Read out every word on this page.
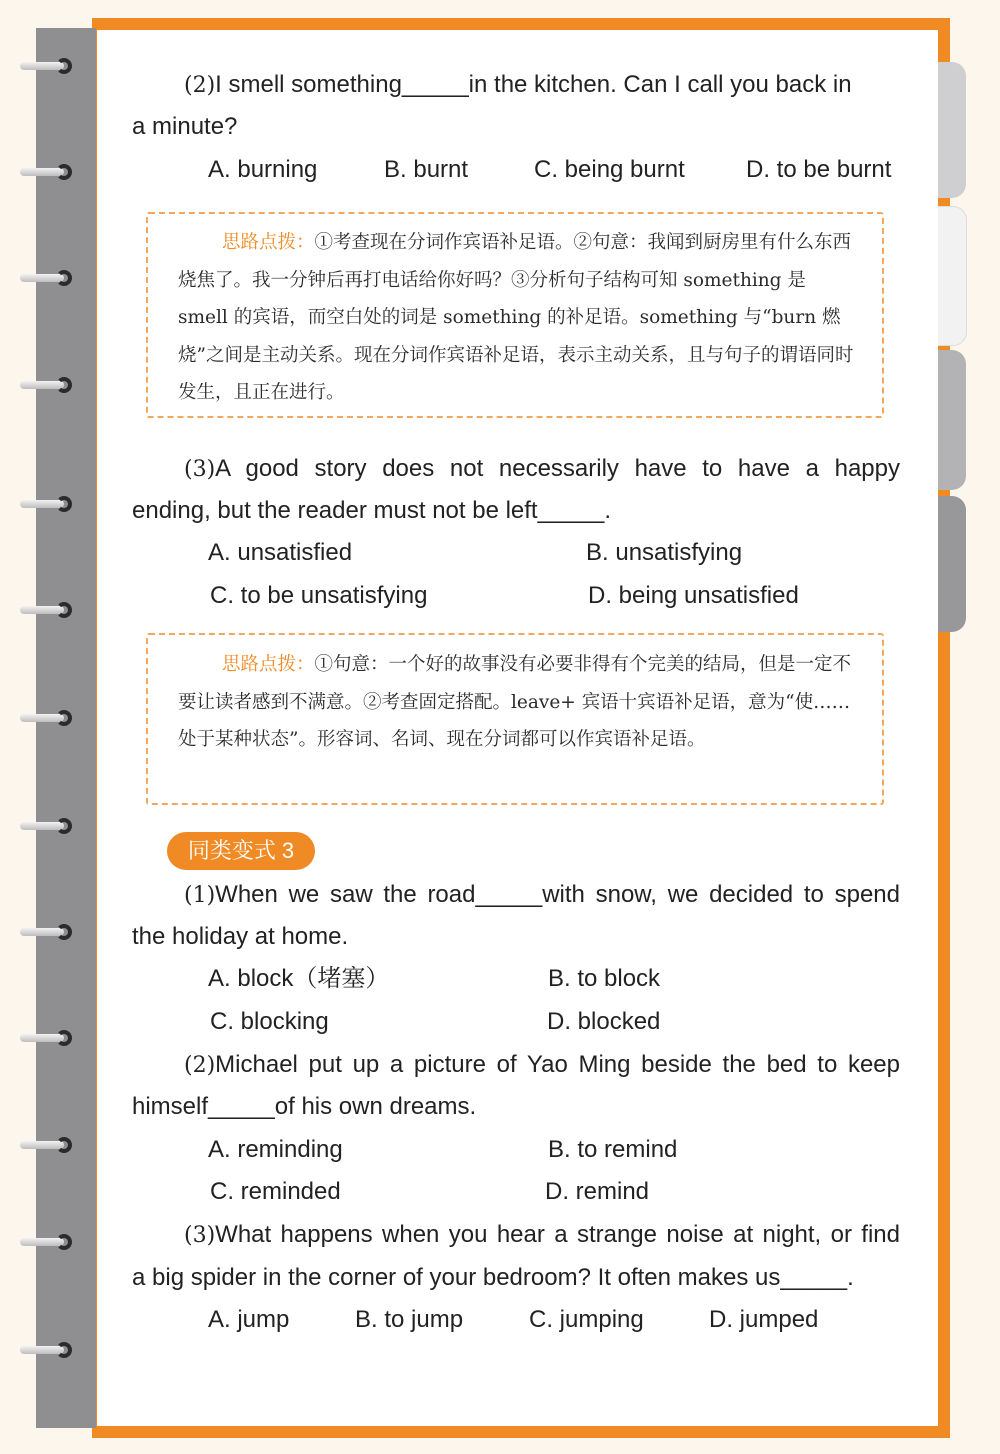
(2)I smell something_____in the kitchen. Can I call you back in
a minute?
A. burning	B. burnt	C. being burnt	D. to be burnt

思路点拨：①考查现在分词作宾语补足语。②句意：我闻到厨房里有什么东西烧焦了。我一分钟后再打电话给你好吗？③分析句子结构可知 something 是 smell 的宾语，而空白处的词是 something 的补足语。something 与“burn 燃烧”之间是主动关系。现在分词作宾语补足语，表示主动关系，且与句子的谓语同时发生，且正在进行。

(3)A good story does not necessarily have to have a happy
ending, but the reader must not be left_____.
A. unsatisfied	B. unsatisfying
C. to be unsatisfying	D. being unsatisfied

思路点拨：①句意：一个好的故事没有必要非得有个完美的结局，但是一定不要让读者感到不满意。②考查固定搭配。leave+ 宾语十宾语补足语，意为“使……处于某种状态”。形容词、名词、现在分词都可以作宾语补足语。

同类变式 3
(1)When we saw the road_____with snow, we decided to spend
the holiday at home.
A. block（堵塞）	B. to block
C. blocking	D. blocked
(2)Michael put up a picture of Yao Ming beside the bed to keep
himself_____of his own dreams.
A. reminding	B. to remind
C. reminded	D. remind
(3)What happens when you hear a strange noise at night, or find
a big spider in the corner of your bedroom? It often makes us_____.
A. jump	B. to jump	C. jumping	D. jumped
